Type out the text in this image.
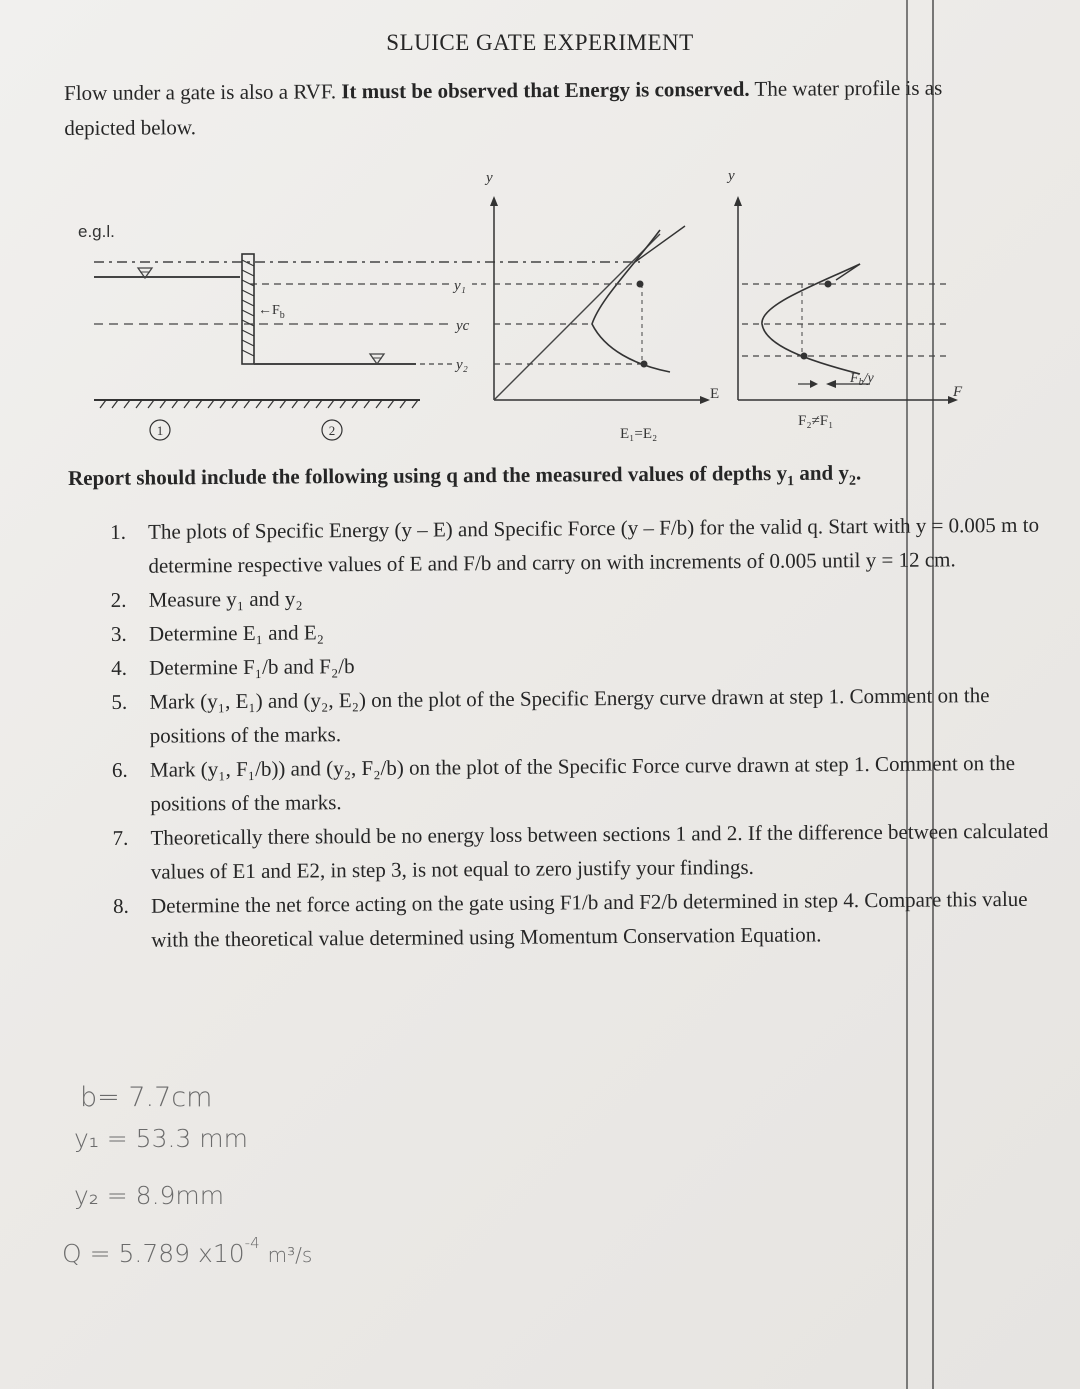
SLUICE GATE EXPERIMENT
Flow under a gate is also a RVF. It must be observed that Energy is conserved. The water profile is as depicted below.
e.g.l.
y₁
yc
y₂
$\leftarrow F_b$
1	2
y
E
E₁=E₂
y
F
$F_b/y$
F₂≠F₁
Report should include the following using q and the measured values of depths $y_1$ and $y_2$.
1. The plots of Specific Energy (y – E) and Specific Force (y – F/b) for the valid q. Start with y = 0.005 m to determine respective values of E and F/b and carry on with increments of 0.005 until y = 12 cm.
2. Measure y₁ and y₂
3. Determine E₁ and E₂
4. Determine F₁/b and F₂/b
5. Mark (y₁, E₁) and (y₂, E₂) on the plot of the Specific Energy curve drawn at step 1. Comment on the positions of the marks.
6. Mark (y₁, F₁/b)) and (y₂, F₂/b) on the plot of the Specific Force curve drawn at step 1. Comment on the positions of the marks.
7. Theoretically there should be no energy loss between sections 1 and 2. If the difference between calculated values of E1 and E2, in step 3, is not equal to zero justify your findings.
8. Determine the net force acting on the gate using F1/b and F2/b determined in step 4. Compare this value with the theoretical value determined using Momentum Conservation Equation.
b= 7.7cm
y₁ = 53.3 mm
y₂ = 8.9mm
Q = 5.789 $x10^{-4}$ $_{m^3/s}$
